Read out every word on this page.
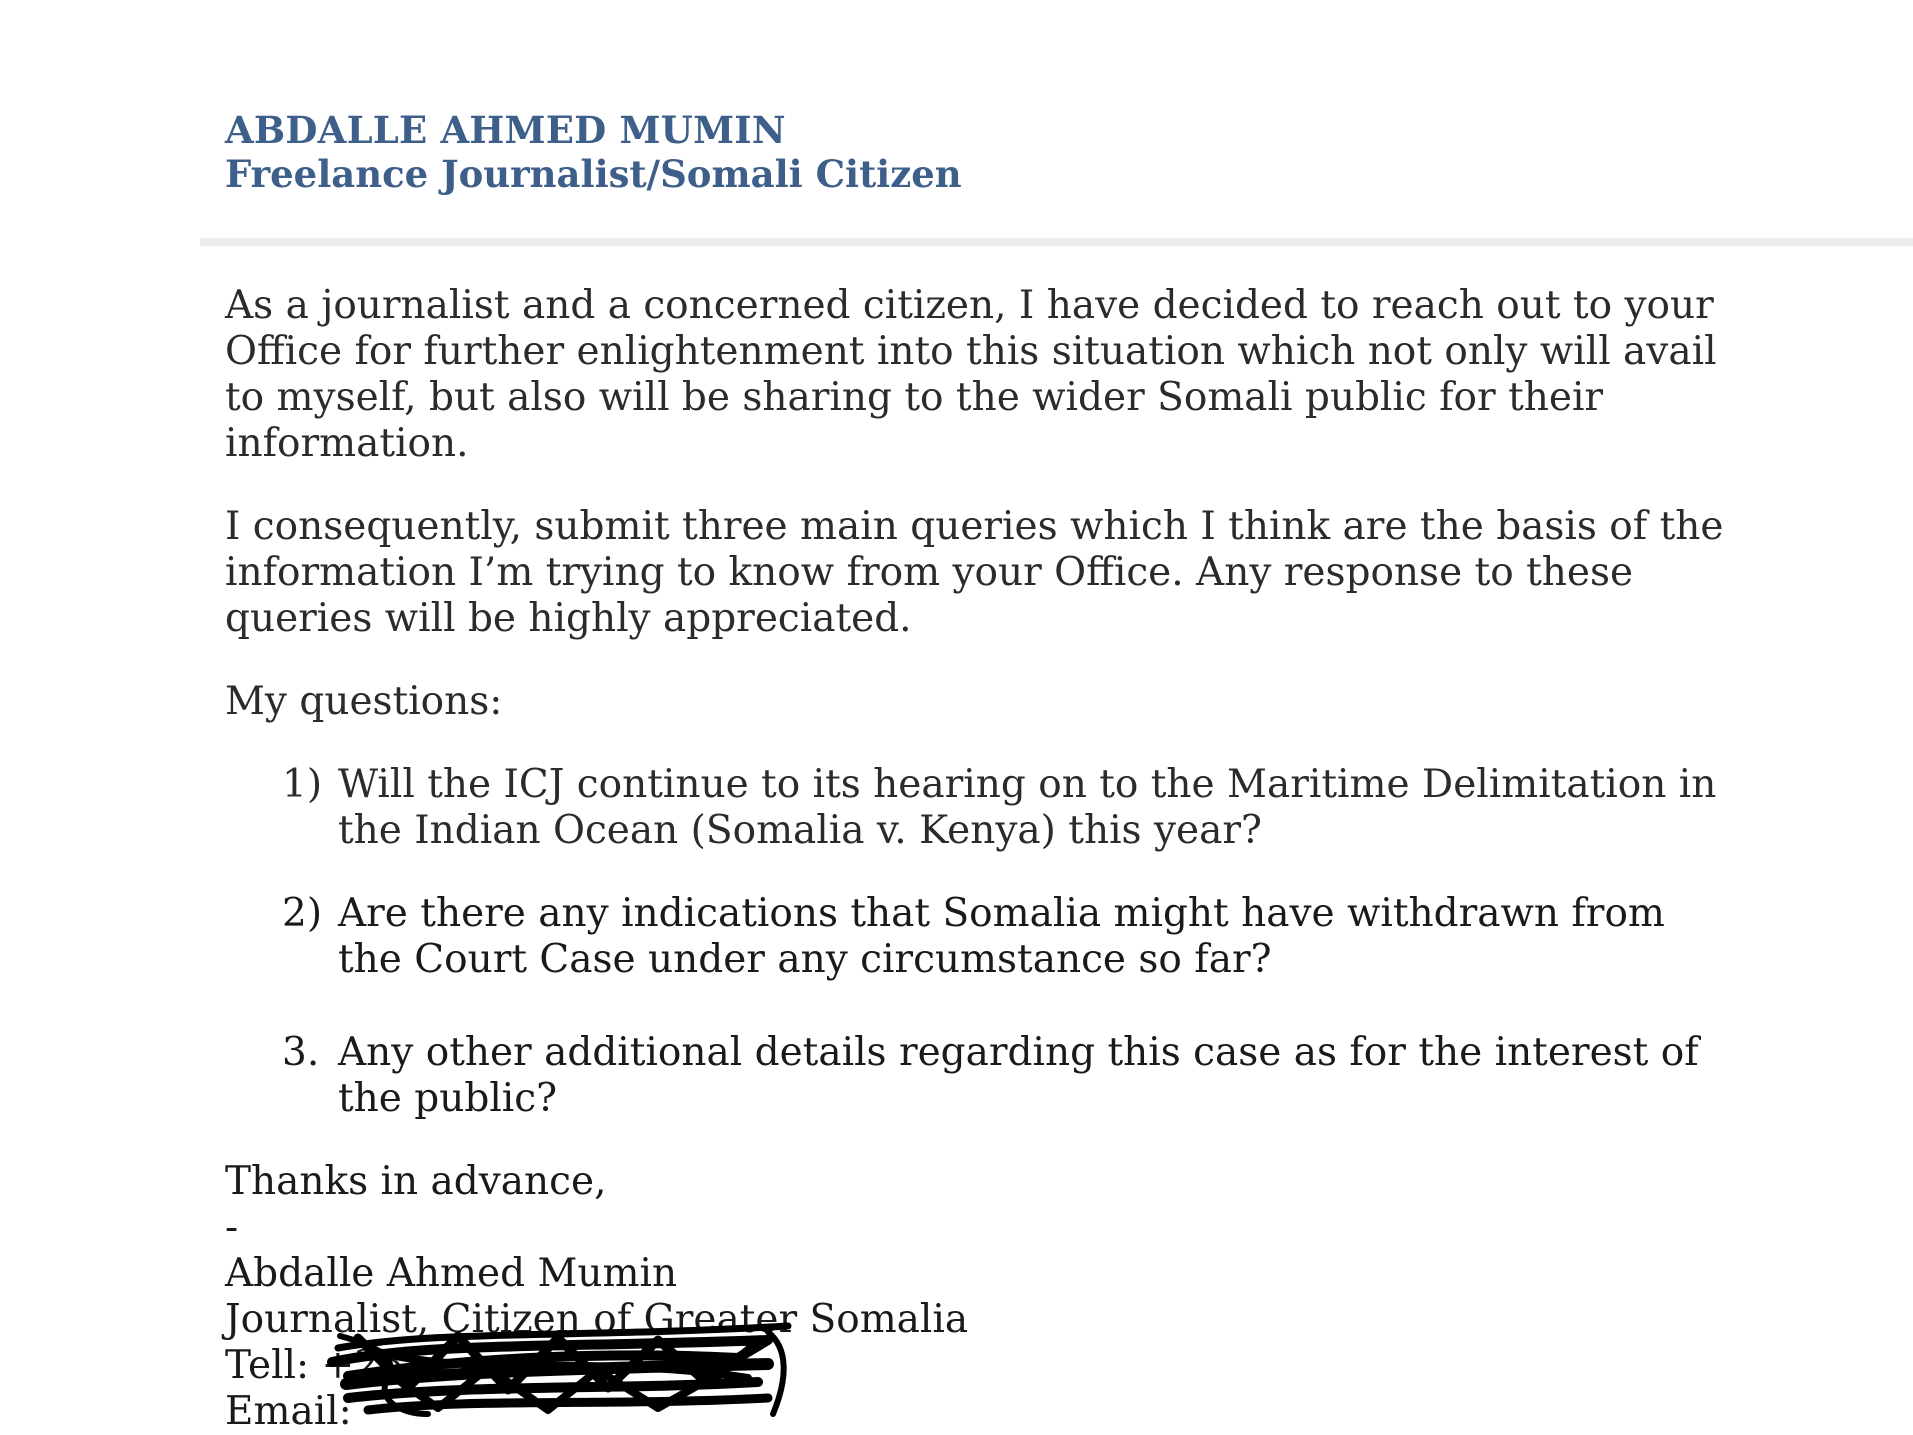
ABDALLE AHMED MUMIN
Freelance Journalist/Somali Citizen

As a journalist and a concerned citizen, I have decided to reach out to your Office for further enlightenment into this situation which not only will avail to myself, but also will be sharing to the wider Somali public for their information.

I consequently, submit three main queries which I think are the basis of the information I’m trying to know from your Office. Any response to these queries will be highly appreciated.

My questions:

1) Will the ICJ continue to its hearing on to the Maritime Delimitation in the Indian Ocean (Somalia v. Kenya) this year?
2) Are there any indications that Somalia might have withdrawn from the Court Case under any circumstance so far?
3. Any other additional details regarding this case as for the interest of the public?
Thanks in advance,
-
Abdalle Ahmed Mumin
Journalist, Citizen of Greater Somalia
Tell: +25
Email:
